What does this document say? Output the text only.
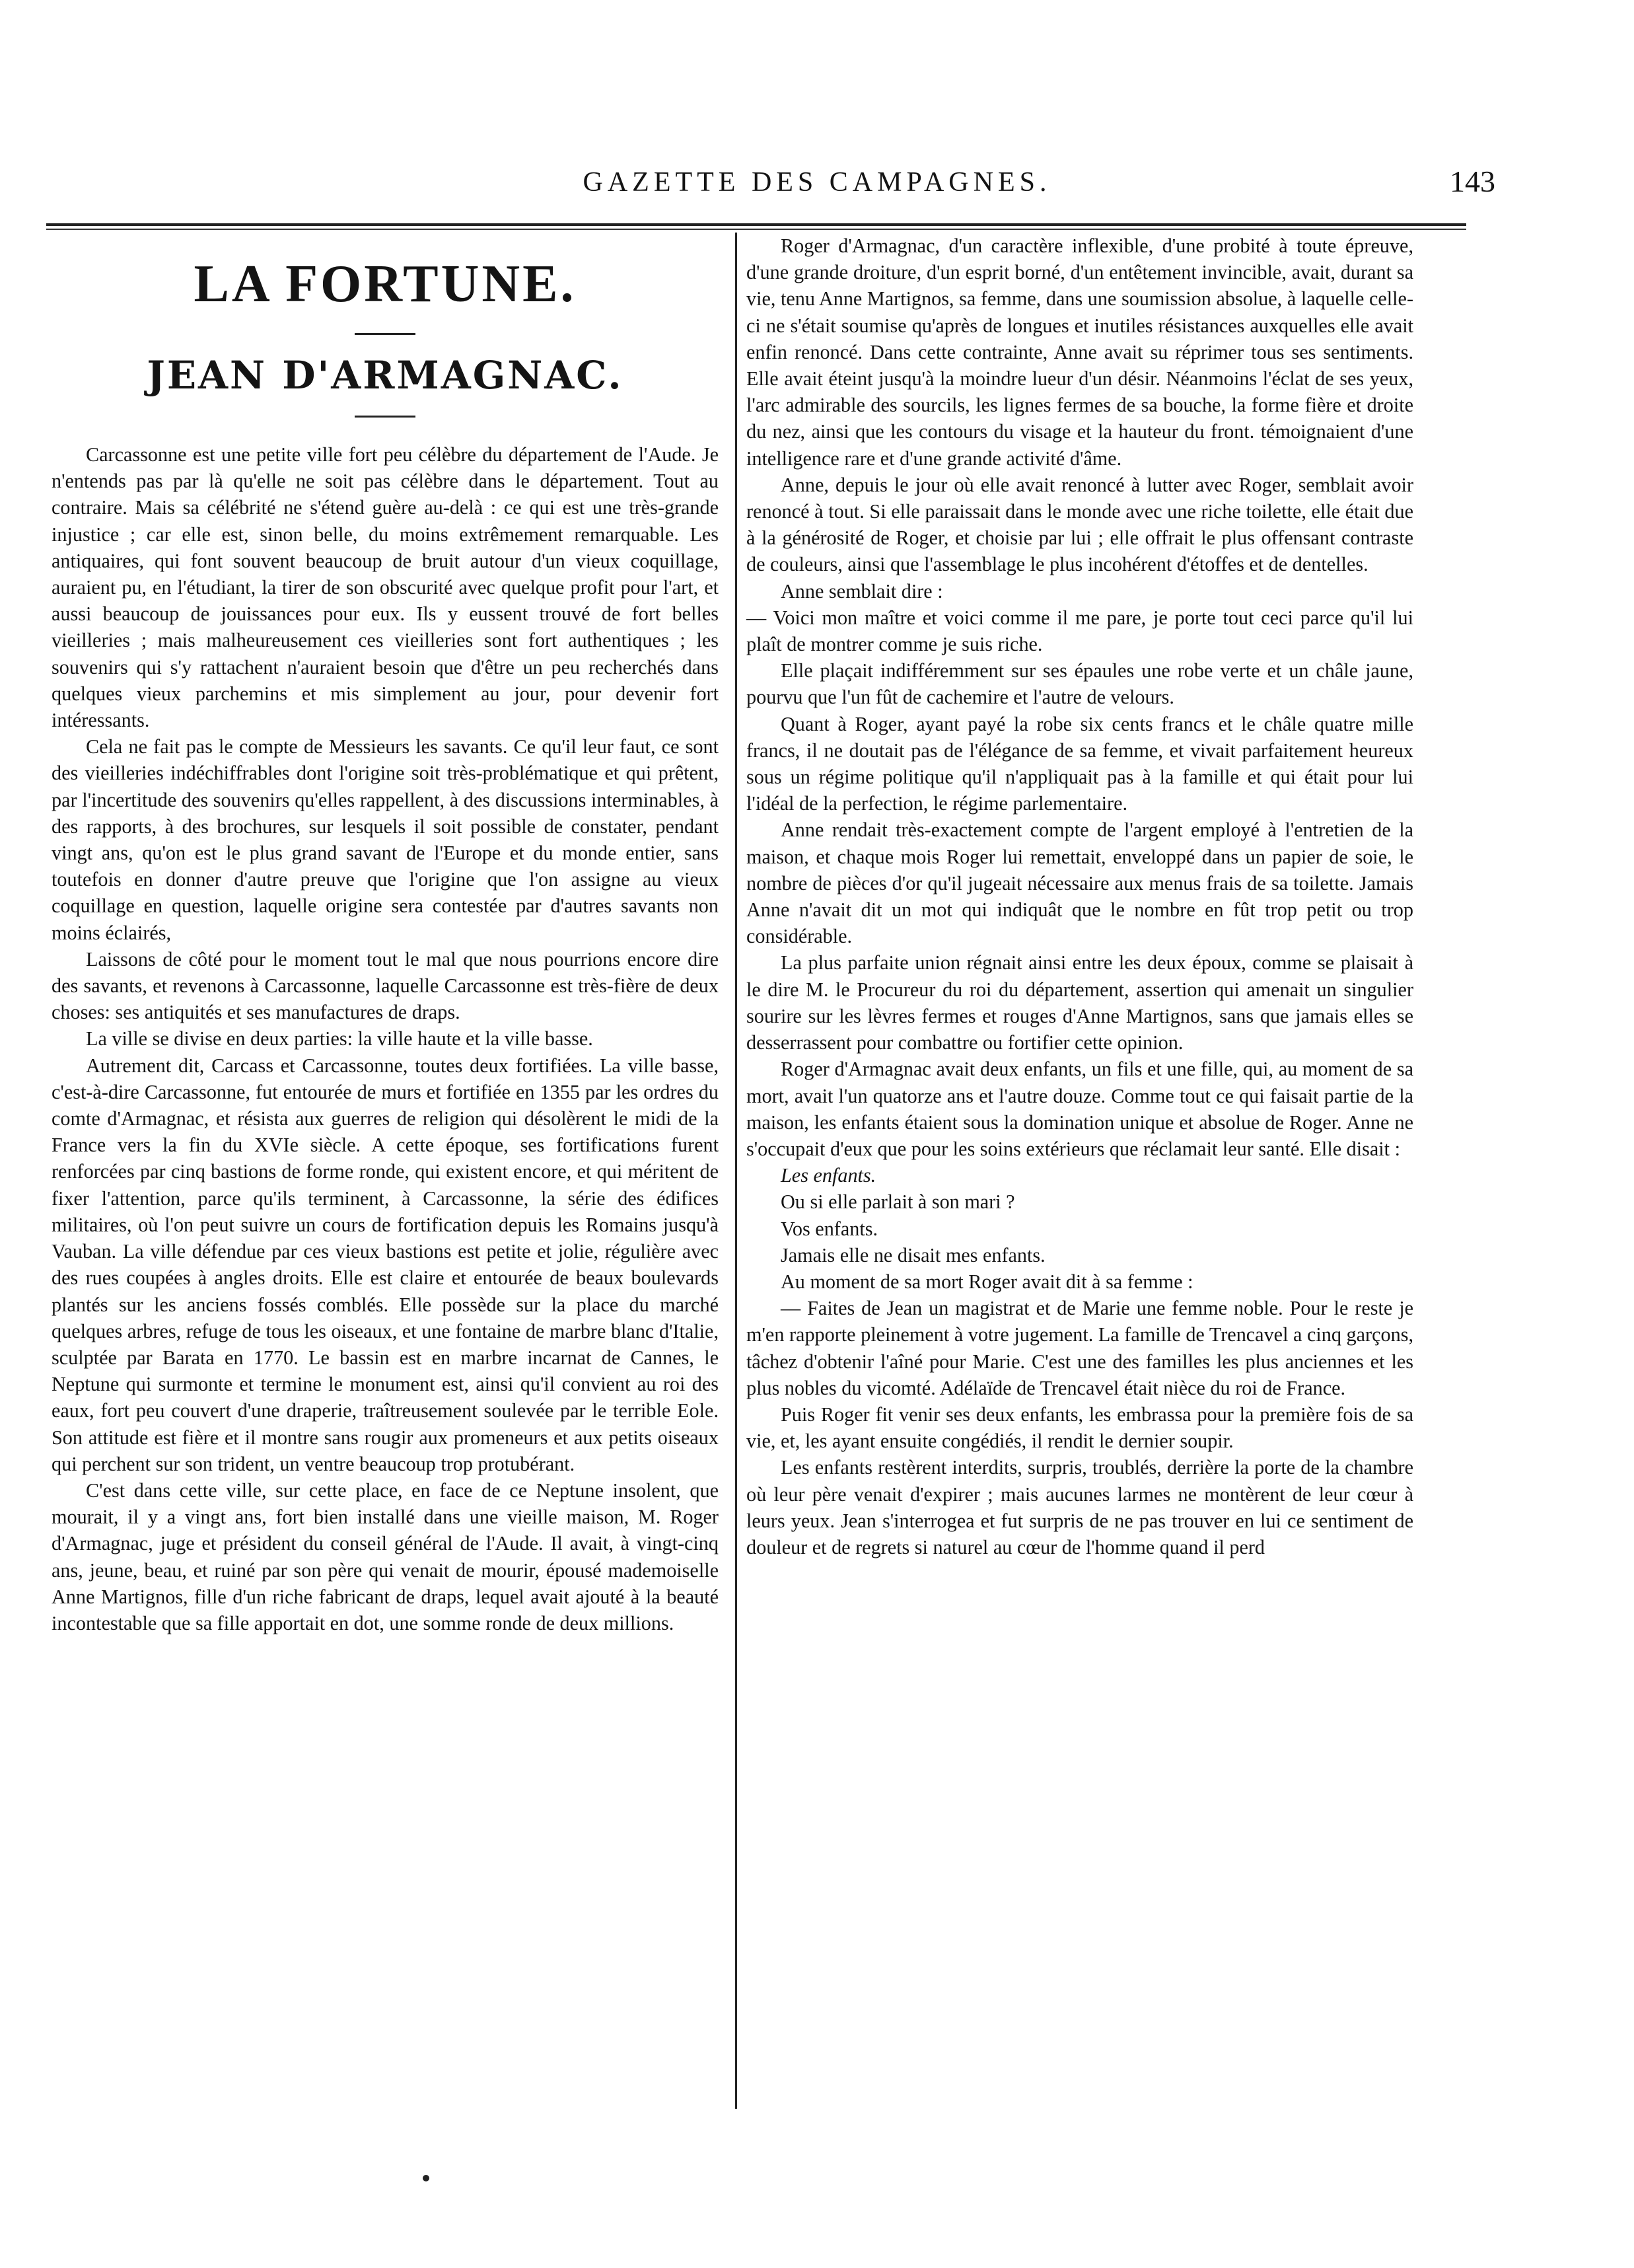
GAZETTE DES CAMPAGNES.	143
LA FORTUNE.
JEAN D'ARMAGNAC.

Carcassonne est une petite ville fort peu célèbre du département de l'Aude. Je n'entends pas par là qu'elle ne soit pas célèbre dans le département. Tout au contraire. Mais sa célébrité ne s'étend guère au-delà : ce qui est une très-grande injustice ; car elle est, sinon belle, du moins extrêmement remarquable. Les antiquaires, qui font souvent beaucoup de bruit autour d'un vieux coquillage, auraient pu, en l'étudiant, la tirer de son obscurité avec quelque profit pour l'art, et aussi beaucoup de jouissances pour eux. Ils y eussent trouvé de fort belles vieilleries ; mais malheureusement ces vieilleries sont fort authentiques ; les souvenirs qui s'y rattachent n'auraient besoin que d'être un peu recherchés dans quelques vieux parchemins et mis simplement au jour, pour devenir fort intéressants.

Cela ne fait pas le compte de Messieurs les savants. Ce qu'il leur faut, ce sont des vieilleries indéchiffrables dont l'origine soit très-problématique et qui prêtent, par l'incertitude des souvenirs qu'elles rappellent, à des discussions interminables, à des rapports, à des brochures, sur lesquels il soit possible de constater, pendant vingt ans, qu'on est le plus grand savant de l'Europe et du monde entier, sans toutefois en donner d'autre preuve que l'origine que l'on assigne au vieux coquillage en question, laquelle origine sera contestée par d'autres savants non moins éclairés,

Laissons de côté pour le moment tout le mal que nous pourrions encore dire des savants, et revenons à Carcassonne, laquelle Carcassonne est très-fière de deux choses: ses antiquités et ses manufactures de draps.

La ville se divise en deux parties: la ville haute et la ville basse.

Autrement dit, Carcass et Carcassonne, toutes deux fortifiées. La ville basse, c'est-à-dire Carcassonne, fut entourée de murs et fortifiée en 1355 par les ordres du comte d'Armagnac, et résista aux guerres de religion qui désolèrent le midi de la France vers la fin du XVIe siècle. A cette époque, ses fortifications furent renforcées par cinq bastions de forme ronde, qui existent encore, et qui méritent de fixer l'attention, parce qu'ils terminent, à Carcassonne, la série des édifices militaires, où l'on peut suivre un cours de fortification depuis les Romains jusqu'à Vauban. La ville défendue par ces vieux bastions est petite et jolie, régulière avec des rues coupées à angles droits. Elle est claire et entourée de beaux boulevards plantés sur les anciens fossés comblés. Elle possède sur la place du marché quelques arbres, refuge de tous les oiseaux, et une fontaine de marbre blanc d'Italie, sculptée par Barata en 1770. Le bassin est en marbre incarnat de Cannes, le Neptune qui surmonte et termine le monument est, ainsi qu'il convient au roi des eaux, fort peu couvert d'une draperie, traîtreusement soulevée par le terrible Eole. Son attitude est fière et il montre sans rougir aux promeneurs et aux petits oiseaux qui perchent sur son trident, un ventre beaucoup trop protubérant.

C'est dans cette ville, sur cette place, en face de ce Neptune insolent, que mourait, il y a vingt ans, fort bien installé dans une vieille maison, M. Roger d'Armagnac, juge et président du conseil général de l'Aude. Il avait, à vingt-cinq ans, jeune, beau, et ruiné par son père qui venait de mourir, épousé mademoiselle Anne Martignos, fille d'un riche fabricant de draps, lequel avait ajouté à la beauté incontestable que sa fille apportait en dot, une somme ronde de deux millions.

Roger d'Armagnac, d'un caractère inflexible, d'une probité à toute épreuve, d'une grande droiture, d'un esprit borné, d'un entêtement invincible, avait, durant sa vie, tenu Anne Martignos, sa femme, dans une soumission absolue, à laquelle celle-ci ne s'était soumise qu'après de longues et inutiles résistances auxquelles elle avait enfin renoncé. Dans cette contrainte, Anne avait su réprimer tous ses sentiments. Elle avait éteint jusqu'à la moindre lueur d'un désir. Néanmoins l'éclat de ses yeux, l'arc admirable des sourcils, les lignes fermes de sa bouche, la forme fière et droite du nez, ainsi que les contours du visage et la hauteur du front. témoignaient d'une intelligence rare et d'une grande activité d'âme.

Anne, depuis le jour où elle avait renoncé à lutter avec Roger, semblait avoir renoncé à tout. Si elle paraissait dans le monde avec une riche toilette, elle était due à la générosité de Roger, et choisie par lui ; elle offrait le plus offensant contraste de couleurs, ainsi que l'assemblage le plus incohérent d'étoffes et de dentelles.

Anne semblait dire :

— Voici mon maître et voici comme il me pare, je porte tout ceci parce qu'il lui plaît de montrer comme je suis riche.

Elle plaçait indifféremment sur ses épaules une robe verte et un châle jaune, pourvu que l'un fût de cachemire et l'autre de velours.

Quant à Roger, ayant payé la robe six cents francs et le châle quatre mille francs, il ne doutait pas de l'élégance de sa femme, et vivait parfaitement heureux sous un régime politique qu'il n'appliquait pas à la famille et qui était pour lui l'idéal de la perfection, le régime parlementaire.

Anne rendait très-exactement compte de l'argent employé à l'entretien de la maison, et chaque mois Roger lui remettait, enveloppé dans un papier de soie, le nombre de pièces d'or qu'il jugeait nécessaire aux menus frais de sa toilette. Jamais Anne n'avait dit un mot qui indiquât que le nombre en fût trop petit ou trop considérable.

La plus parfaite union régnait ainsi entre les deux époux, comme se plaisait à le dire M. le Procureur du roi du département, assertion qui amenait un singulier sourire sur les lèvres fermes et rouges d'Anne Martignos, sans que jamais elles se desserrassent pour combattre ou fortifier cette opinion.

Roger d'Armagnac avait deux enfants, un fils et une fille, qui, au moment de sa mort, avait l'un quatorze ans et l'autre douze. Comme tout ce qui faisait partie de la maison, les enfants étaient sous la domination unique et absolue de Roger. Anne ne s'occupait d'eux que pour les soins extérieurs que réclamait leur santé. Elle disait :

Les enfants.

Ou si elle parlait à son mari ?

Vos enfants.

Jamais elle ne disait mes enfants.

Au moment de sa mort Roger avait dit à sa femme :

— Faites de Jean un magistrat et de Marie une femme noble. Pour le reste je m'en rapporte pleinement à votre jugement. La famille de Trencavel a cinq garçons, tâchez d'obtenir l'aîné pour Marie. C'est une des familles les plus anciennes et les plus nobles du vicomté. Adélaïde de Trencavel était nièce du roi de France.

Puis Roger fit venir ses deux enfants, les embrassa pour la première fois de sa vie, et, les ayant ensuite congédiés, il rendit le dernier soupir.

Les enfants restèrent interdits, surpris, troublés, derrière la porte de la chambre où leur père venait d'expirer ; mais aucunes larmes ne montèrent de leur cœur à leurs yeux. Jean s'interrogea et fut surpris de ne pas trouver en lui ce sentiment de douleur et de regrets si naturel au cœur de l'homme quand il perd
